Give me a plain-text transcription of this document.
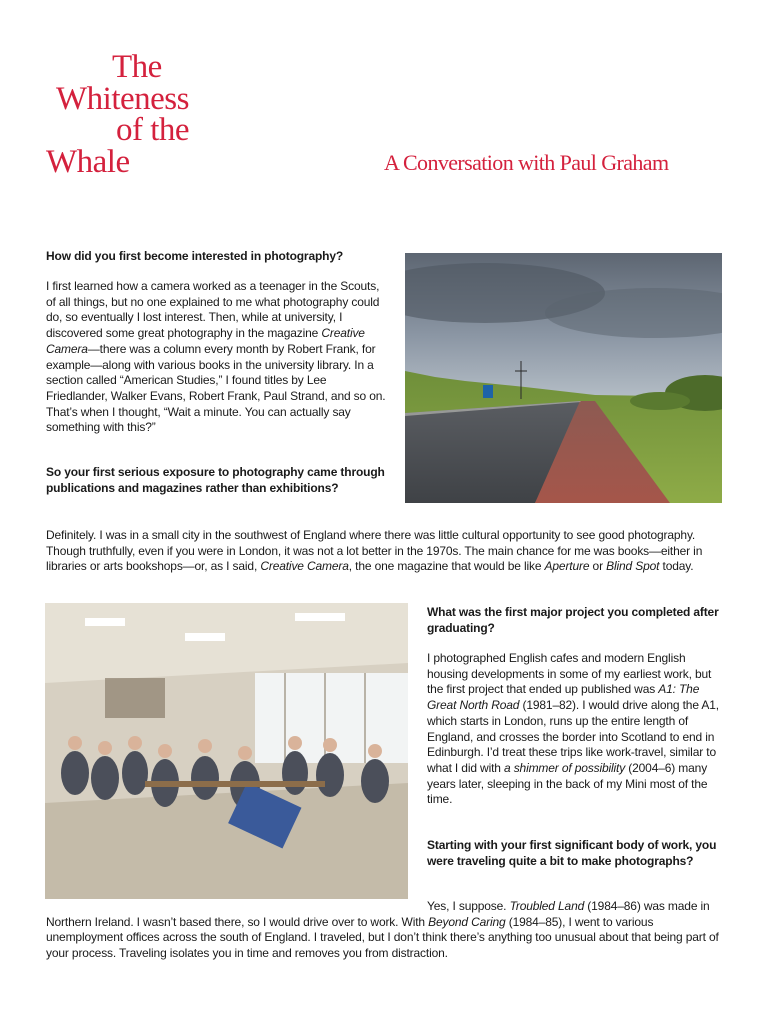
The
Whiteness
of the
Whale	A Conversation with Paul Graham

How did you first become interested in photography?

I first learned how a camera worked as a teenager in the Scouts, of all things, but no one explained to me what photography could do, so eventually I lost interest. Then, while at university, I discovered some great photography in the magazine Creative Camera—there was a column every month by Robert Frank, for example—along with various books in the university library. In a section called “American Studies,” I found titles by Lee Friedlander, Walker Evans, Robert Frank, Paul Strand, and so on. That’s when I thought, “Wait a minute. You can actually say something with this?”

So your first serious exposure to photography came through publications and magazines rather than exhibitions?

Definitely. I was in a small city in the southwest of England where there was little cultural opportunity to see good photography. Though truthfully, even if you were in London, it was not a lot better in the 1970s. The main chance for me was books—either in libraries or arts bookshops—or, as I said, Creative Camera, the one magazine that would be like Aperture or Blind Spot today.

What was the first major project you completed after graduating?

I photographed English cafes and modern English housing developments in some of my earliest work, but the first project that ended up published was A1: The Great North Road (1981–82). I would drive along the A1, which starts in London, runs up the entire length of England, and crosses the border into Scotland to end in Edinburgh. I’d treat these trips like work-travel, similar to what I did with a shimmer of possibility (2004–6) many years later, sleeping in the back of my Mini most of the time.

Starting with your first significant body of work, you were traveling quite a bit to make photographs?

Yes, I suppose. Troubled Land (1984–86) was made in Northern Ireland. I wasn’t based there, so I would drive over to work. With Beyond Caring (1984–85), I went to various unemployment offices across the south of England. I traveled, but I don’t think there’s anything too unusual about that being part of your process. Traveling isolates you in time and removes you from distraction.
